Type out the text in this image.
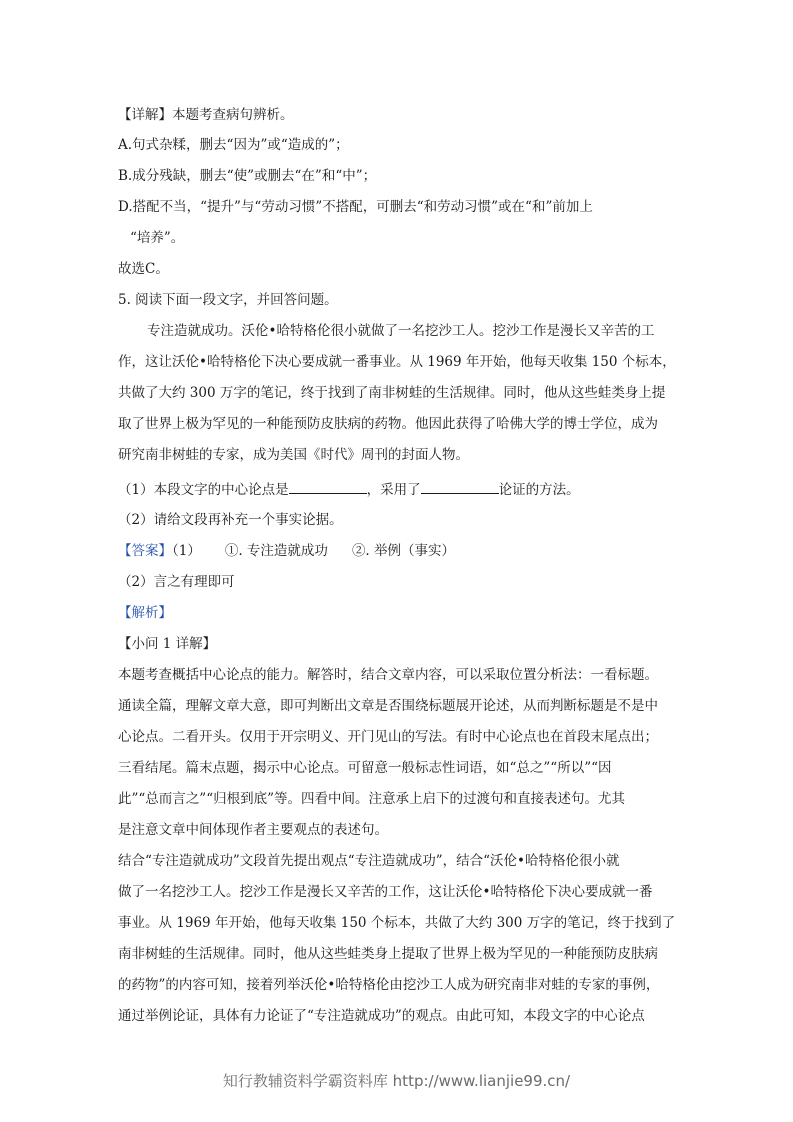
【详解】本题考查病句辨析。
A.句式杂糅，删去“因为”或“造成的”；
B.成分残缺，删去“使”或删去“在”和“中”；
D.搭配不当，“提升”与“劳动习惯”不搭配，可删去“和劳动习惯”或在“和”前加上
“培养”。
故选C。
5. 阅读下面一段文字，并回答问题。
专注造就成功。沃伦•哈特格伦很小就做了一名挖沙工人。挖沙工作是漫长又辛苦的工
作，这让沃伦•哈特格伦下决心要成就一番事业。从 1969 年开始，他每天收集 150 个标本，
共做了大约 300 万字的笔记，终于找到了南非树蛙的生活规律。同时，他从这些蛙类身上提
取了世界上极为罕见的一种能预防皮肤病的药物。他因此获得了哈佛大学的博士学位，成为
研究南非树蛙的专家，成为美国《时代》周刊的封面人物。
（1）本段文字的中心论点是	，采用了	论证的方法。
（2）请给文段再补充一个事实论据。
【答案】（1） ①. 专注造就成功 ②. 举例（事实）
（2）言之有理即可
【解析】
【小问 1 详解】
本题考查概括中心论点的能力。解答时，结合文章内容，可以采取位置分析法：一看标题。
通读全篇，理解文章大意，即可判断出文章是否围绕标题展开论述，从而判断标题是不是中
心论点。二看开头。仅用于开宗明义、开门见山的写法。有时中心论点也在首段末尾点出；
三看结尾。篇末点题，揭示中心论点。可留意一般标志性词语，如“总之”“所以”“因
此”“总而言之”“归根到底”等。四看中间。注意承上启下的过渡句和直接表述句。尤其
是注意文章中间体现作者主要观点的表述句。
结合“专注造就成功”文段首先提出观点“专注造就成功”，结合“沃伦•哈特格伦很小就
做了一名挖沙工人。挖沙工作是漫长又辛苦的工作，这让沃伦•哈特格伦下决心要成就一番
事业。从 1969 年开始，他每天收集 150 个标本，共做了大约 300 万字的笔记，终于找到了
南非树蛙的生活规律。同时，他从这些蛙类身上提取了世界上极为罕见的一种能预防皮肤病
的药物”的内容可知，接着列举沃伦•哈特格伦由挖沙工人成为研究南非对蛙的专家的事例，
通过举例论证，具体有力论证了“专注造就成功”的观点。由此可知，本段文字的中心论点
知行教辅资料学霸资料库 http://www.lianjie99.cn/
